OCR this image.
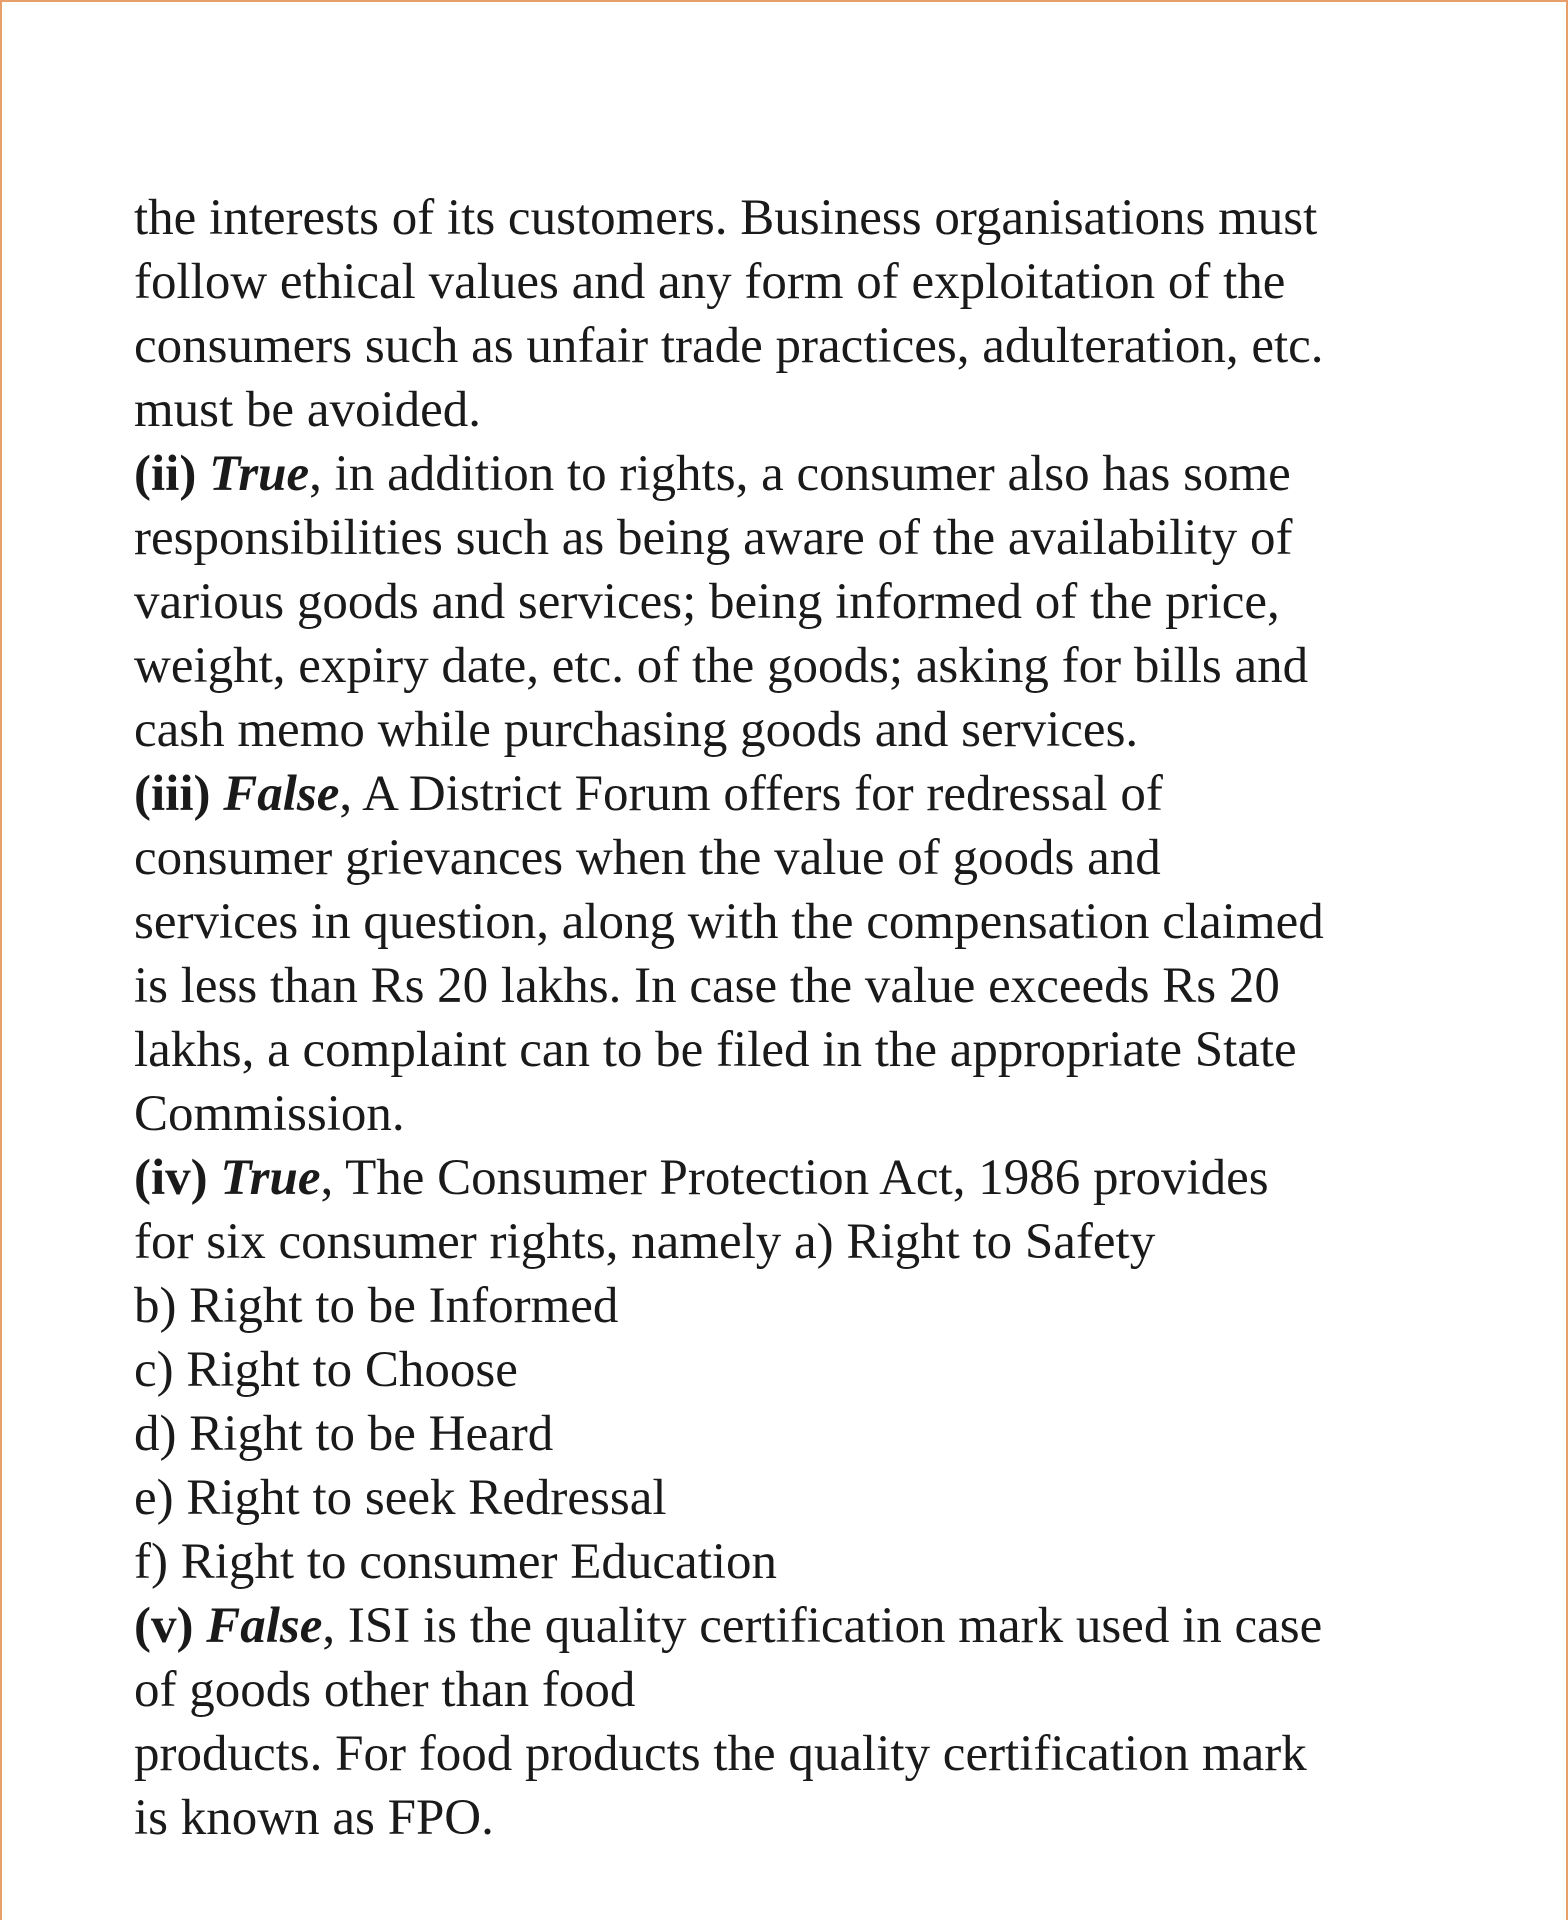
the interests of its customers. Business organisations must
follow ethical values and any form of exploitation of the
consumers such as unfair trade practices, adulteration, etc.
must be avoided.
(ii) True, in addition to rights, a consumer also has some
responsibilities such as being aware of the availability of
various goods and services; being informed of the price,
weight, expiry date, etc. of the goods; asking for bills and
cash memo while purchasing goods and services.
(iii) False, A District Forum offers for redressal of
consumer grievances when the value of goods and
services in question, along with the compensation claimed
is less than Rs 20 lakhs. In case the value exceeds Rs 20
lakhs, a complaint can to be filed in the appropriate State
Commission.
(iv) True, The Consumer Protection Act, 1986 provides
for six consumer rights, namely a) Right to Safety
b) Right to be Informed
c) Right to Choose
d) Right to be Heard
e) Right to seek Redressal
f) Right to consumer Education
(v) False, ISI is the quality certification mark used in case
of goods other than food
products. For food products the quality certification mark
is known as FPO.
